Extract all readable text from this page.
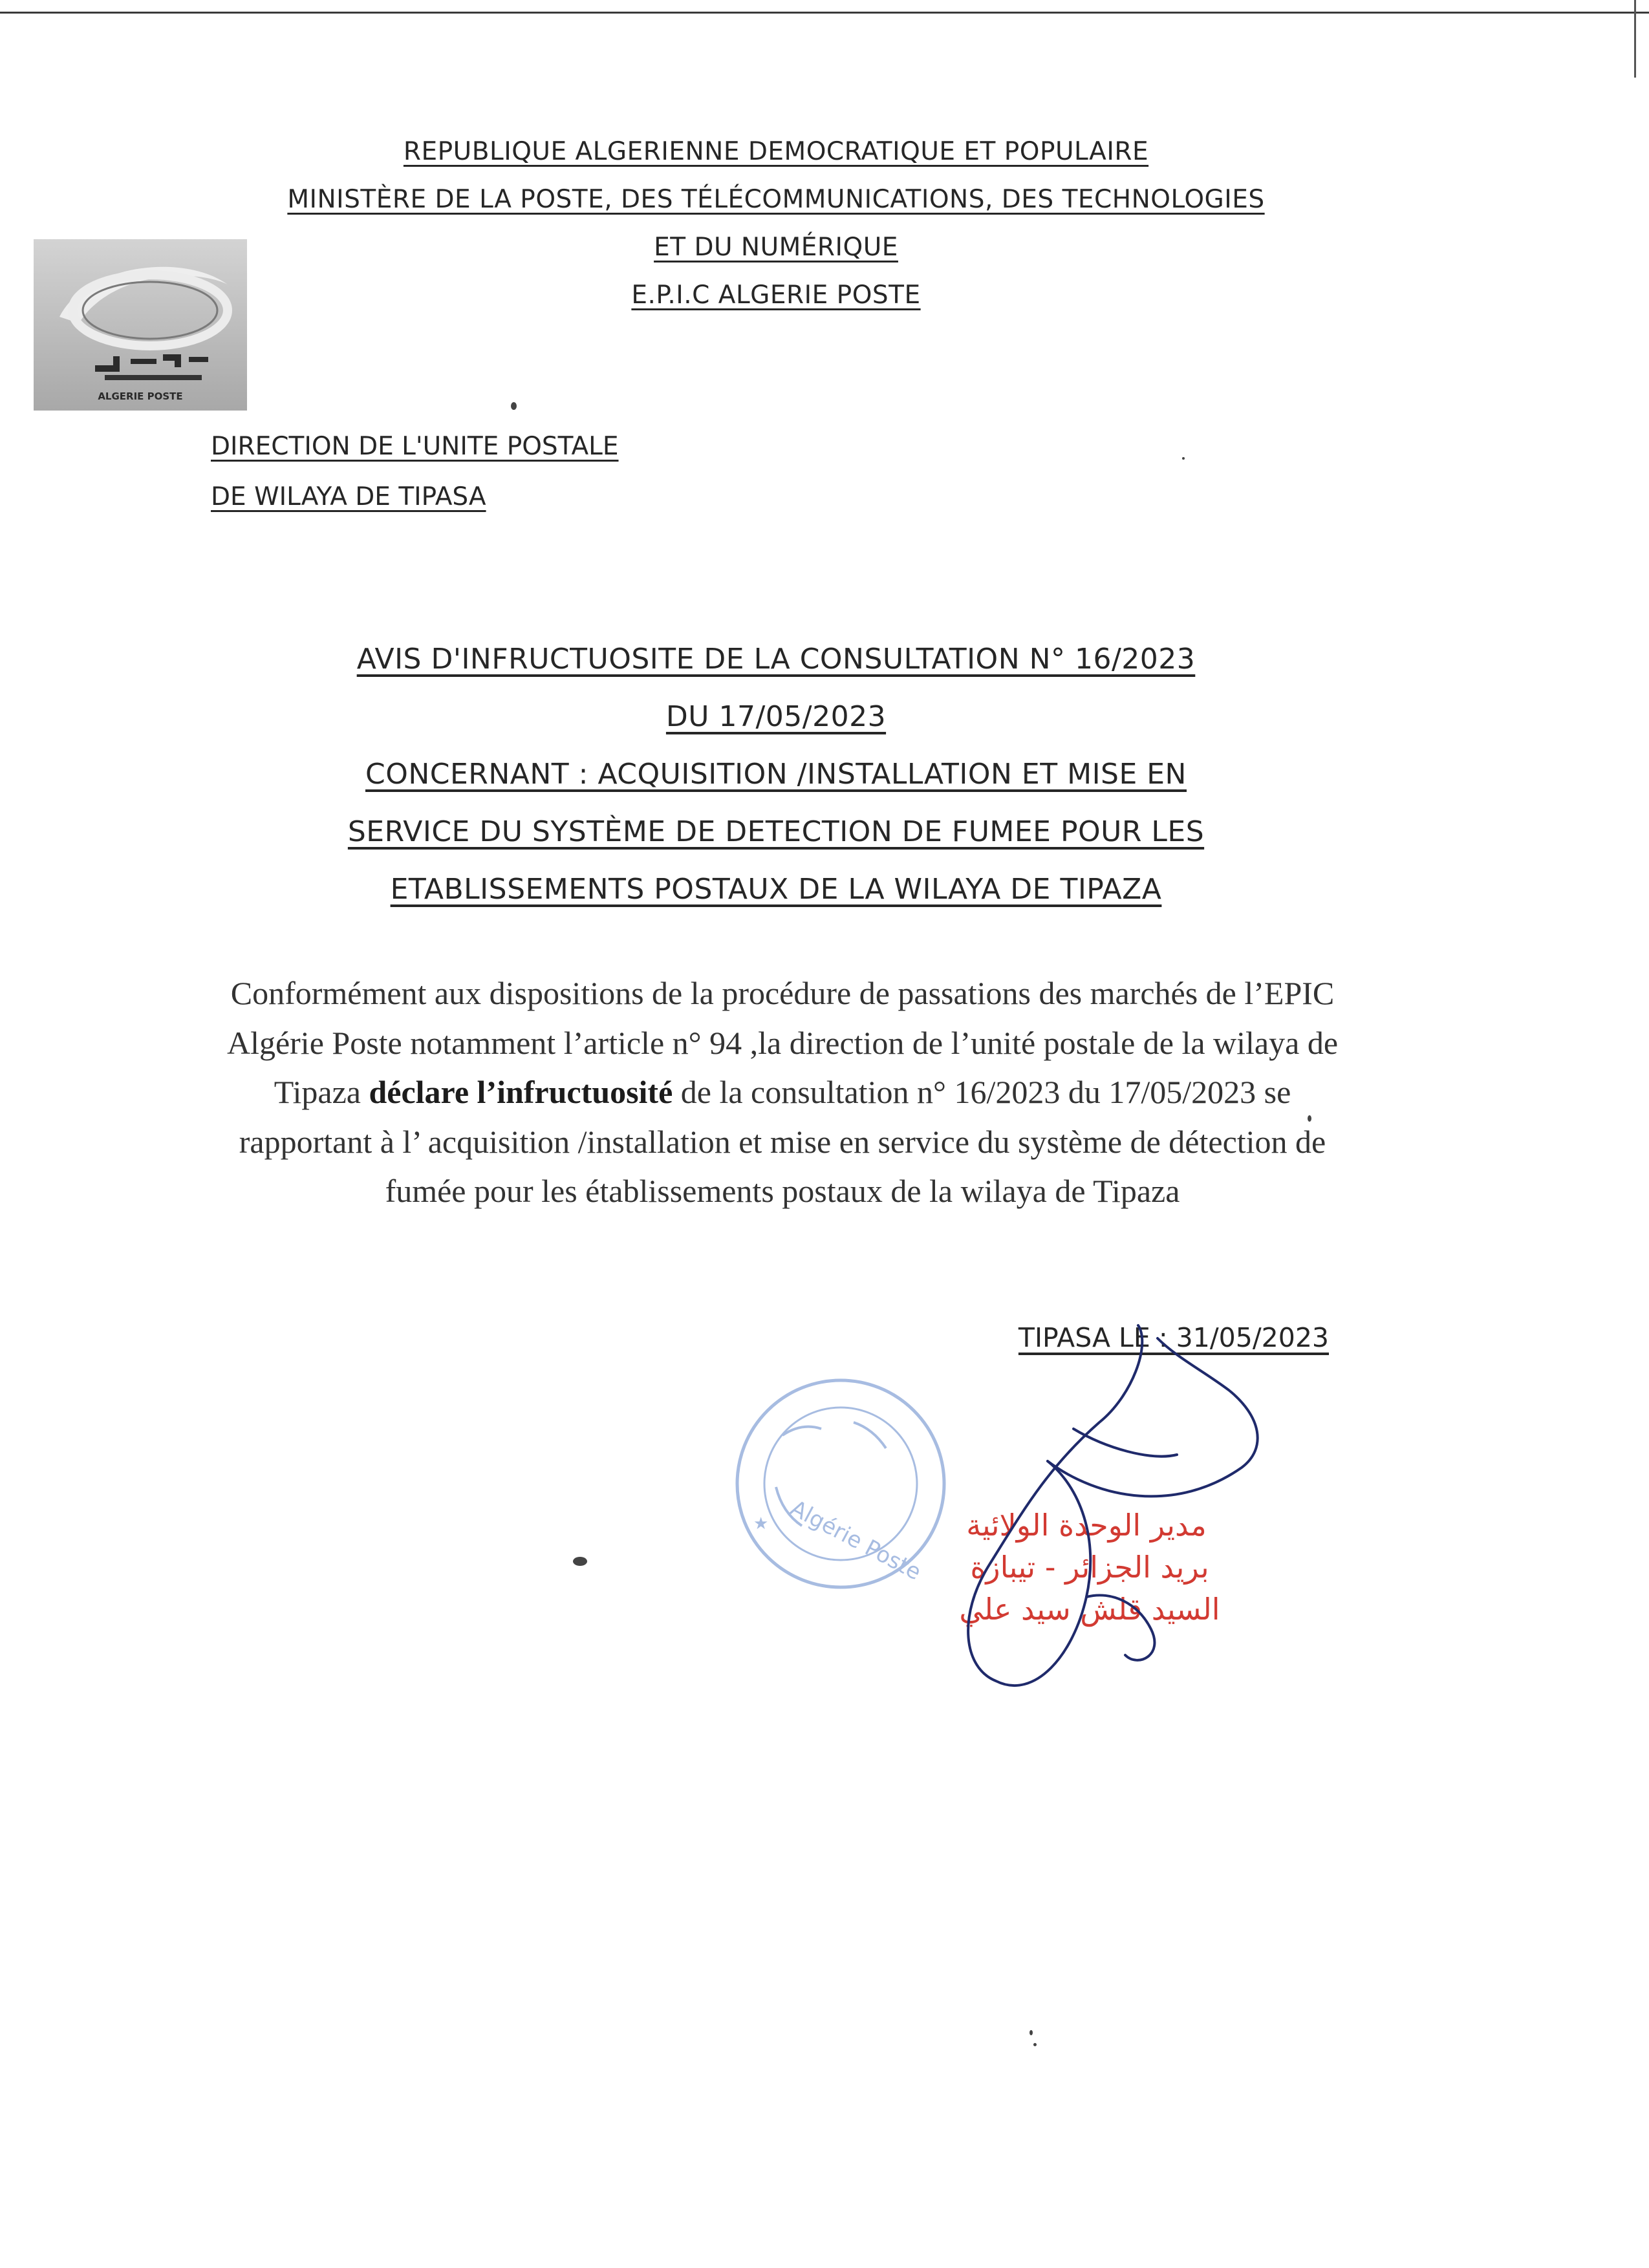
REPUBLIQUE ALGERIENNE DEMOCRATIQUE ET POPULAIRE
MINISTÈRE DE LA POSTE, DES TÉLÉCOMMUNICATIONS, DES TECHNOLOGIES
ET DU NUMÉRIQUE
E.P.I.C ALGERIE POSTE
ALGERIE POSTE
DIRECTION DE L'UNITE POSTALE
DE WILAYA DE TIPASA
AVIS D'INFRUCTUOSITE DE LA CONSULTATION N° 16/2023
DU 17/05/2023
CONCERNANT : ACQUISITION /INSTALLATION ET MISE EN
SERVICE DU SYSTÈME DE DETECTION DE FUMEE POUR LES
ETABLISSEMENTS POSTAUX DE LA WILAYA DE TIPAZA
Conformément aux dispositions de la procédure de passations des marchés de l’EPIC Algérie Poste notamment l’article n° 94 ,la direction de l’unité postale de la wilaya de Tipaza déclare l’infructuosité de la consultation n° 16/2023 du 17/05/2023 se rapportant à l’ acquisition /installation et mise en service du système de détection de fumée pour les établissements postaux de la wilaya de Tipaza
TIPASA LE : 31/05/2023
Algérie Poste
★	مدير الوحدة الولائية
بريد الجزائر - تيبازة
السيد قلش سيد علي
